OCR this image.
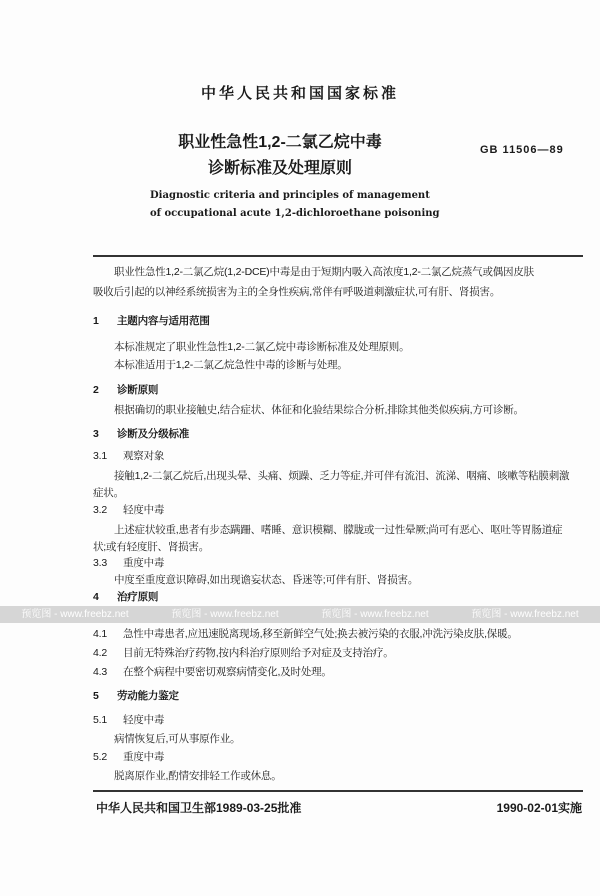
中华人民共和国国家标准
职业性急性1,2-二氯乙烷中毒
诊断标准及处理原则
GB 11506—89
Diagnostic criteria and principles of management
of occupational acute 1,2-dichloroethane poisoning
职业性急性1,2-二氯乙烷(1,2-DCE)中毒是由于短期内吸入高浓度1,2-二氯乙烷蒸气或偶因皮肤
吸收后引起的以神经系统损害为主的全身性疾病,常伴有呼吸道刺激症状,可有肝、肾损害。
1 主题内容与适用范围
本标准规定了职业性急性1,2-二氯乙烷中毒诊断标准及处理原则。
本标准适用于1,2-二氯乙烷急性中毒的诊断与处理。
2 诊断原则
根据确切的职业接触史,结合症状、体征和化验结果综合分析,排除其他类似疾病,方可诊断。
3 诊断及分级标准
3.1 观察对象
接触1,2-二氯乙烷后,出现头晕、头痛、烦躁、乏力等症,并可伴有流泪、流涕、咽痛、咳嗽等粘膜刺激
症状。
3.2 轻度中毒
上述症状较重,患者有步态蹒跚、嗜睡、意识模糊、朦胧或一过性晕厥;尚可有恶心、呕吐等胃肠道症
状;或有轻度肝、肾损害。
3.3 重度中毒
中度至重度意识障碍,如出现谵妄状态、昏迷等;可伴有肝、肾损害。
4 治疗原则
预览图 - www.freebz.net	预览图 - www.freebz.net	预览图 - www.freebz.net	预览图 - www.freebz.net
4.1 急性中毒患者,应迅速脱离现场,移至新鲜空气处;换去被污染的衣服,冲洗污染皮肤,保暖。
4.2 目前无特殊治疗药物,按内科治疗原则给予对症及支持治疗。
4.3 在整个病程中要密切观察病情变化,及时处理。
5 劳动能力鉴定
5.1 轻度中毒
病情恢复后,可从事原作业。
5.2 重度中毒
脱离原作业,酌情安排轻工作或休息。
中华人民共和国卫生部1989-03-25批准	1990-02-01实施
